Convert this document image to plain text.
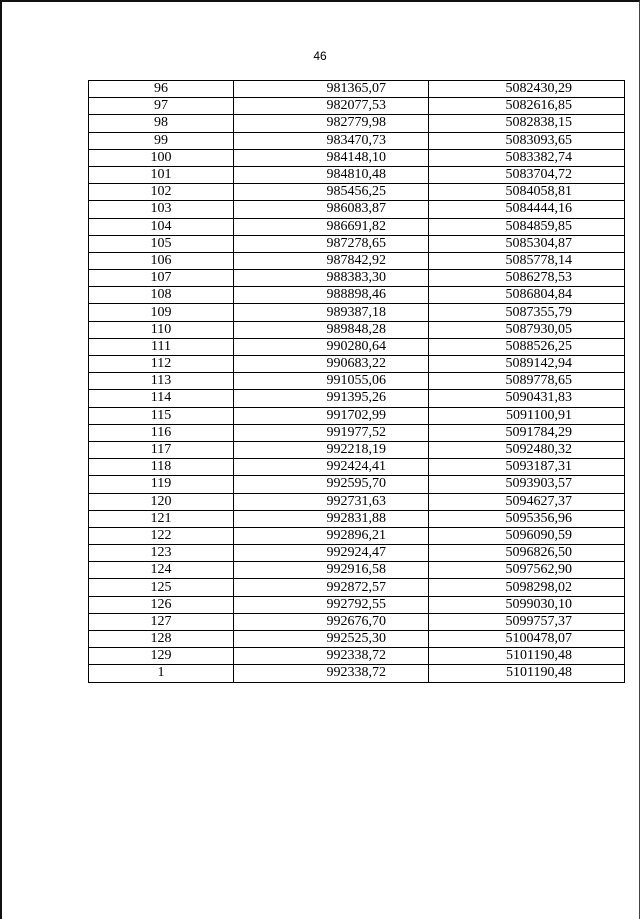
46
96	981365,07	5082430,29
97	982077,53	5082616,85
98	982779,98	5082838,15
99	983470,73	5083093,65
100	984148,10	5083382,74
101	984810,48	5083704,72
102	985456,25	5084058,81
103	986083,87	5084444,16
104	986691,82	5084859,85
105	987278,65	5085304,87
106	987842,92	5085778,14
107	988383,30	5086278,53
108	988898,46	5086804,84
109	989387,18	5087355,79
110	989848,28	5087930,05
111	990280,64	5088526,25
112	990683,22	5089142,94
113	991055,06	5089778,65
114	991395,26	5090431,83
115	991702,99	5091100,91
116	991977,52	5091784,29
117	992218,19	5092480,32
118	992424,41	5093187,31
119	992595,70	5093903,57
120	992731,63	5094627,37
121	992831,88	5095356,96
122	992896,21	5096090,59
123	992924,47	5096826,50
124	992916,58	5097562,90
125	992872,57	5098298,02
126	992792,55	5099030,10
127	992676,70	5099757,37
128	992525,30	5100478,07
129	992338,72	5101190,48
1	992338,72	5101190,48
